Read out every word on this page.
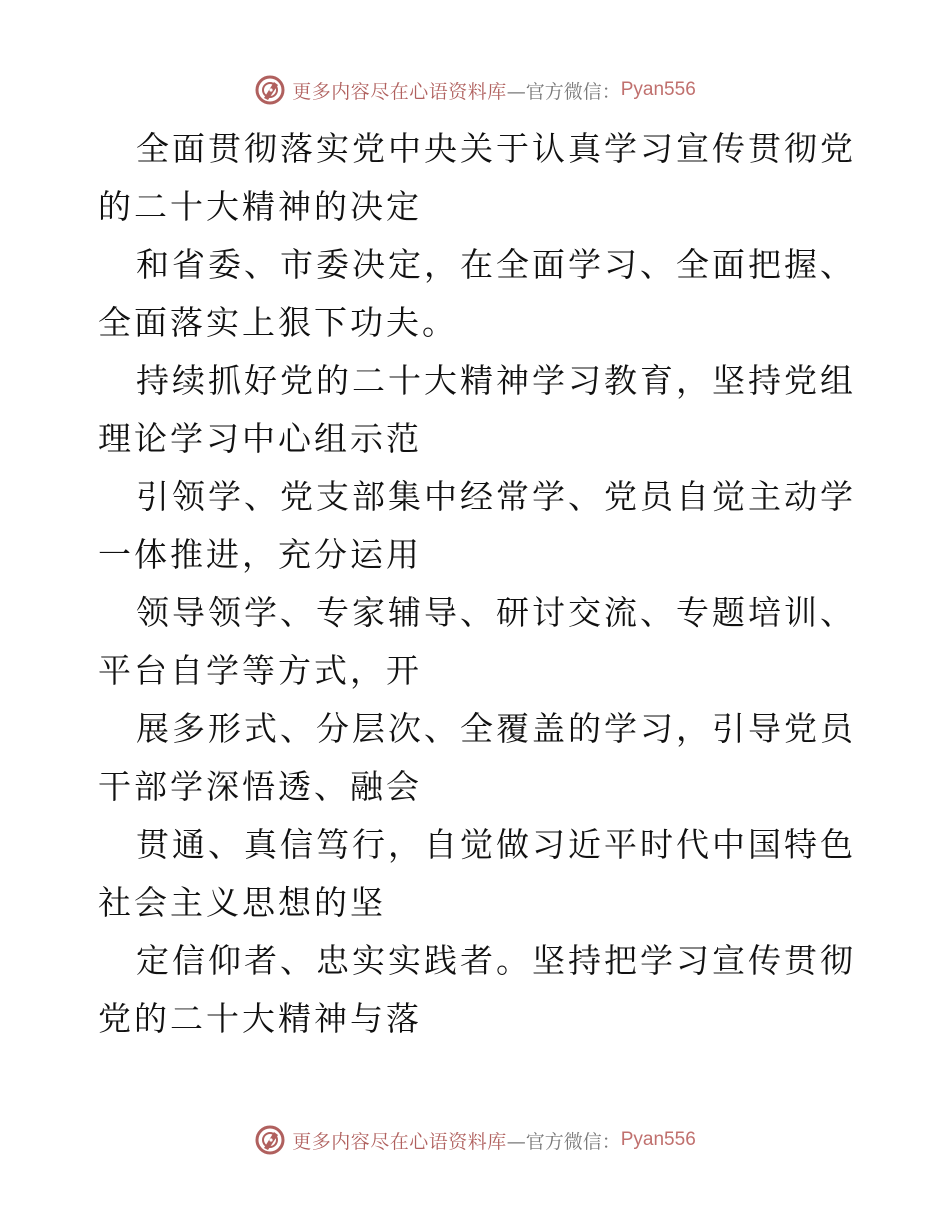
更多内容尽在心语资料库 —官方微信： Pyan556

全面贯彻落实党中央关于认真学习宣传贯彻党的二十大精神的决定

和省委、市委决定，在全面学习、全面把握、全面落实上狠下功夫。

持续抓好党的二十大精神学习教育，坚持党组理论学习中心组示范

引领学、党支部集中经常学、党员自觉主动学一体推进，充分运用

领导领学、专家辅导、研讨交流、专题培训、平台自学等方式，开

展多形式、分层次、全覆盖的学习，引导党员干部学深悟透、融会

贯通、真信笃行，自觉做习近平时代中国特色社会主义思想的坚

定信仰者、忠实实践者。坚持把学习宣传贯彻党的二十大精神与落

更多内容尽在心语资料库 —官方微信： Pyan556
